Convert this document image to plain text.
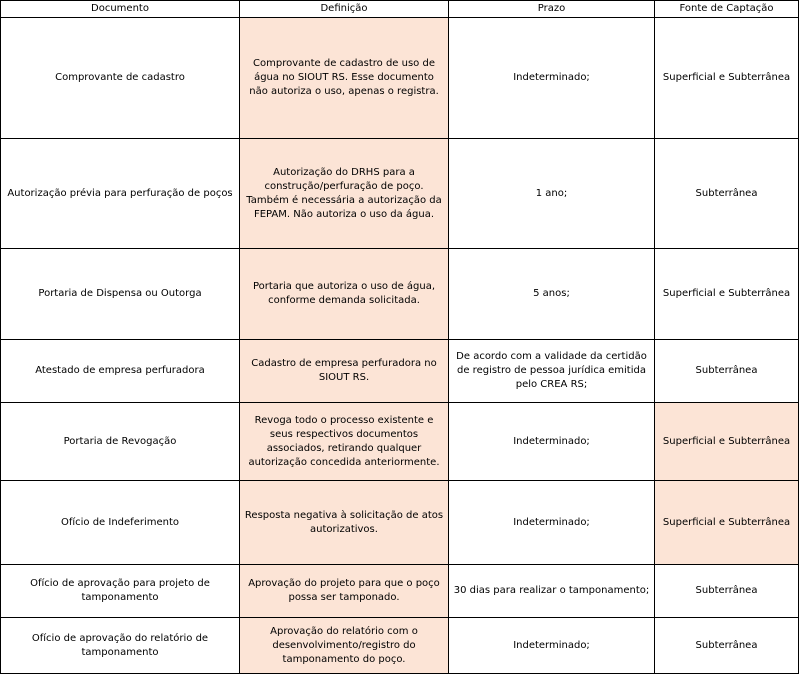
Documento	Definição	Prazo	Fonte de Captação
Comprovante de cadastro	Comprovante de cadastro de uso de água no SIOUT RS. Esse documento não autoriza o uso, apenas o registra.	Indeterminado;	Superficial e Subterrânea
Autorização prévia para perfuração de poços	Autorização do DRHS para a construção/perfuração de poço. Também é necessária a autorização da FEPAM. Não autoriza o uso da água.	1 ano;	Subterrânea
Portaria de Dispensa ou Outorga	Portaria que autoriza o uso de água, conforme demanda solicitada.	5 anos;	Superficial e Subterrânea
Atestado de empresa perfuradora	Cadastro de empresa perfuradora no SIOUT RS.	De acordo com a validade da certidão de registro de pessoa jurídica emitida pelo CREA RS;	Subterrânea
Portaria de Revogação	Revoga todo o processo existente e seus respectivos documentos associados, retirando qualquer autorização concedida anteriormente.	Indeterminado;	Superficial e Subterrânea
Ofício de Indeferimento	Resposta negativa à solicitação de atos autorizativos.	Indeterminado;	Superficial e Subterrânea
Ofício de aprovação para projeto de tamponamento	Aprovação do projeto para que o poço possa ser tamponado.	30 dias para realizar o tamponamento;	Subterrânea
Ofício de aprovação do relatório de tamponamento	Aprovação do relatório com o desenvolvimento/registro do tamponamento do poço.	Indeterminado;	Subterrânea
